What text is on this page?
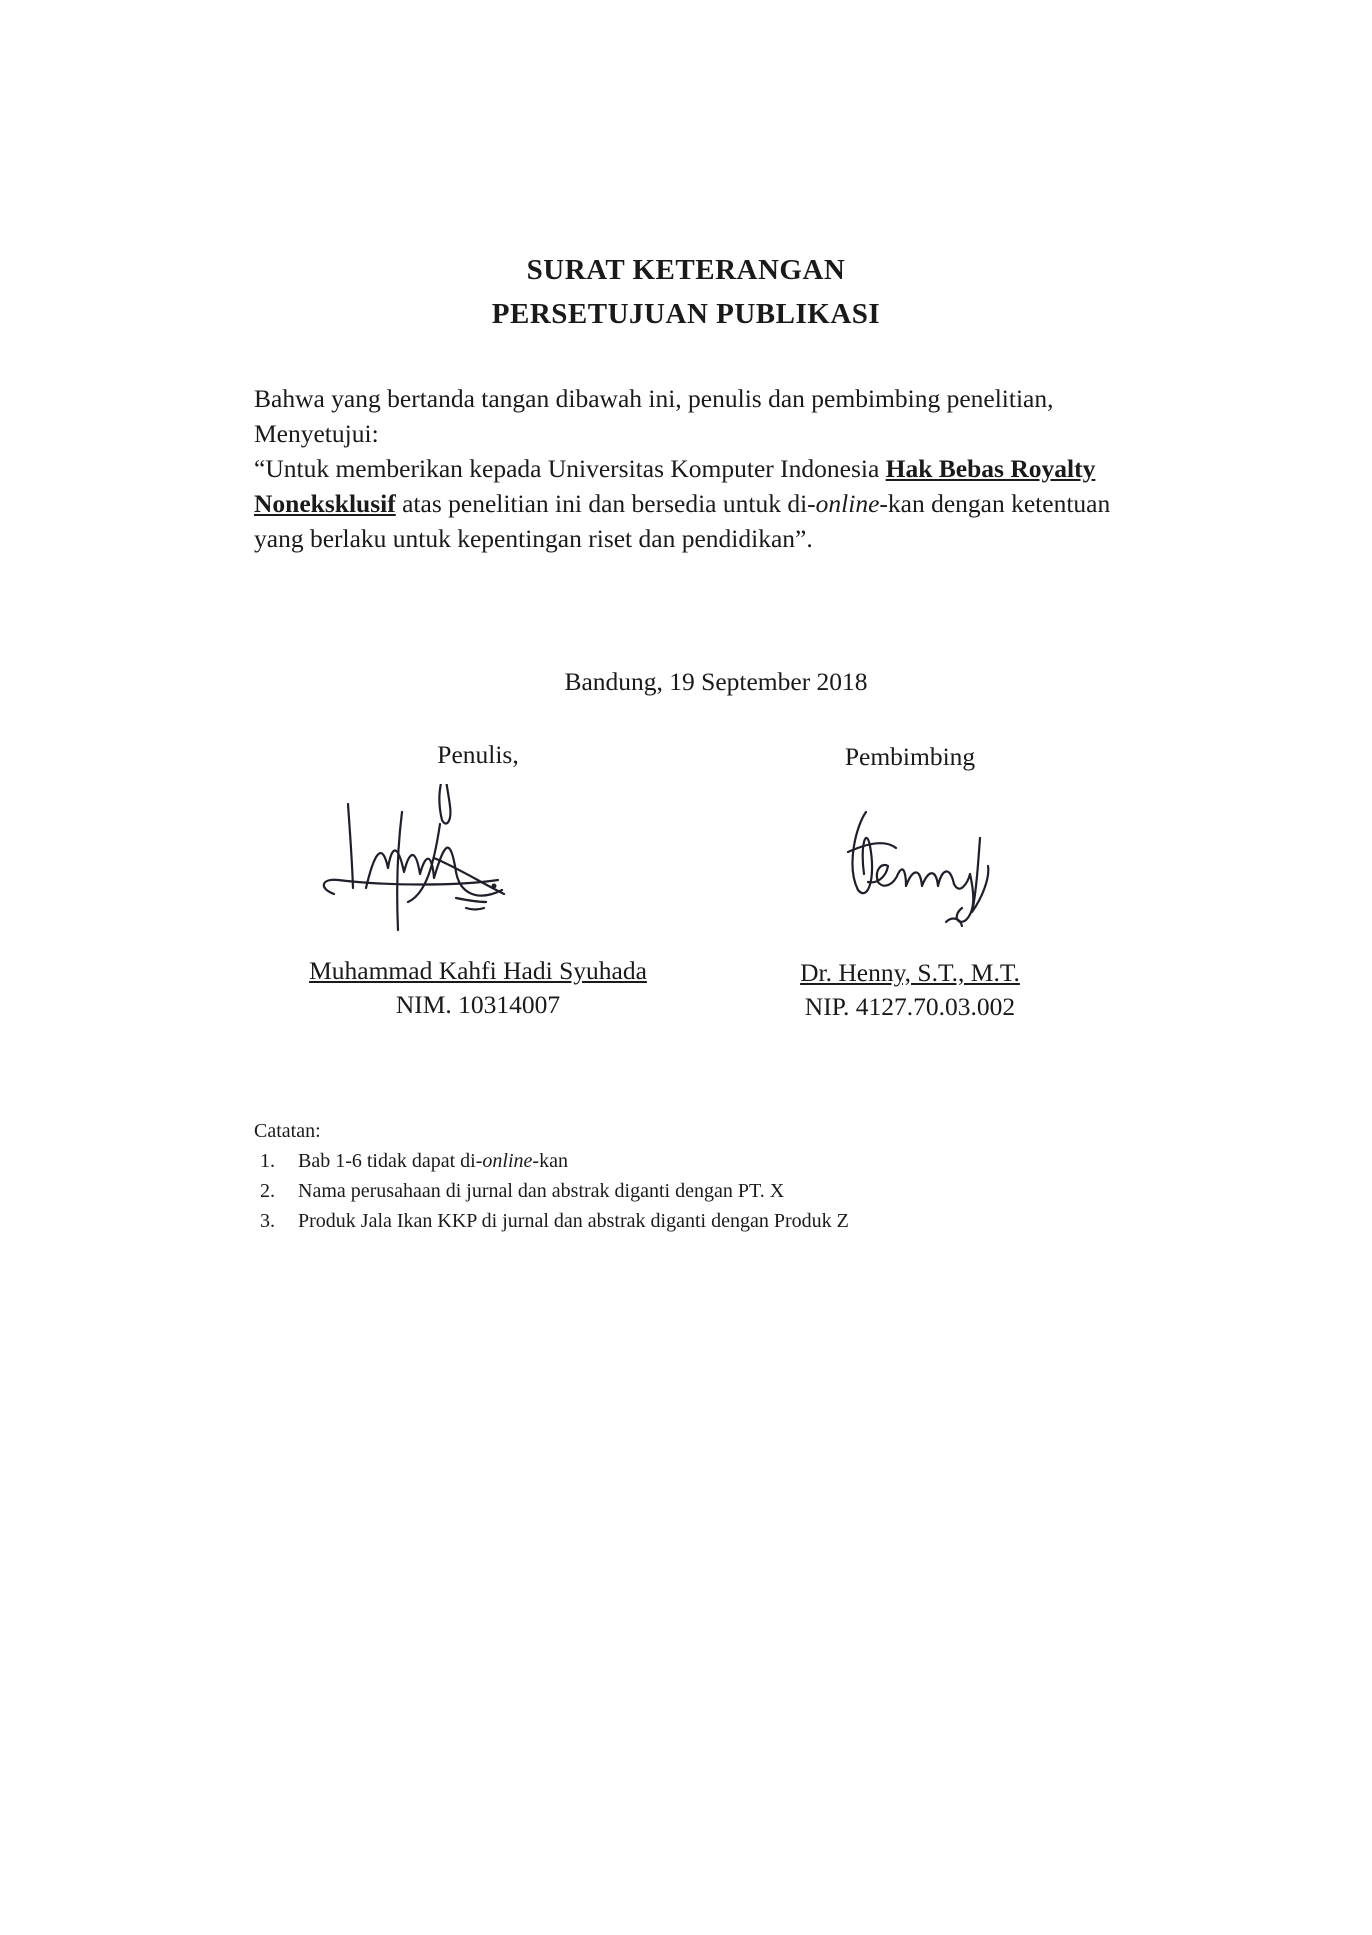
SURAT KETERANGAN
PERSETUJUAN PUBLIKASI
Bahwa yang bertanda tangan dibawah ini, penulis dan pembimbing penelitian,
Menyetujui:
“Untuk memberikan kepada Universitas Komputer Indonesia Hak Bebas Royalty
Noneksklusif atas penelitian ini dan bersedia untuk di-online-kan dengan ketentuan
yang berlaku untuk kepentingan riset dan pendidikan”.
Bandung, 19 September 2018
Penulis,
Muhammad Kahfi Hadi Syuhada
NIM. 10314007
Pembimbing
Dr. Henny, S.T., M.T.
NIP. 4127.70.03.002
Catatan:
1.	Bab 1-6 tidak dapat di-online-kan
2.	Nama perusahaan di jurnal dan abstrak diganti dengan PT. X
3.	Produk Jala Ikan KKP di jurnal dan abstrak diganti dengan Produk Z
